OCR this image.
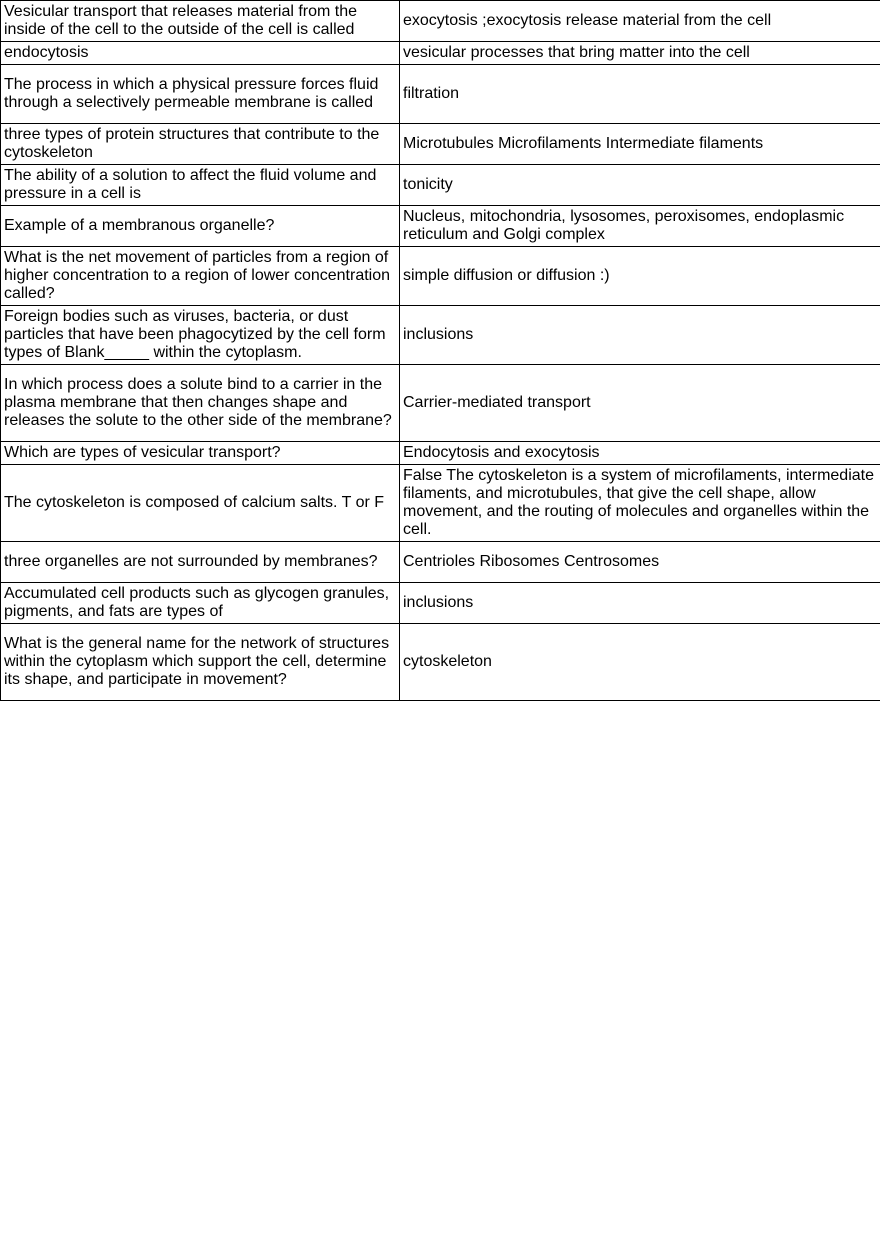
Vesicular transport that releases material from the inside of the cell to the outside of the cell is called	exocytosis ;exocytosis release material from the cell
endocytosis	vesicular processes that bring matter into the cell
The process in which a physical pressure forces fluid through a selectively permeable membrane is called	filtration
three types of protein structures that contribute to the cytoskeleton	Microtubules Microfilaments Intermediate filaments
The ability of a solution to affect the fluid volume and pressure in a cell is	tonicity
Example of a membranous organelle?	Nucleus, mitochondria, lysosomes, peroxisomes, endoplasmic reticulum and Golgi complex
What is the net movement of particles from a region of higher concentration to a region of lower concentration called?	simple diffusion or diffusion :)
Foreign bodies such as viruses, bacteria, or dust particles that have been phagocytized by the cell form types of Blank_____ within the cytoplasm.	inclusions
In which process does a solute bind to a carrier in the plasma membrane that then changes shape and releases the solute to the other side of the membrane?	Carrier-mediated transport
Which are types of vesicular transport?	Endocytosis and exocytosis
The cytoskeleton is composed of calcium salts. T or F	False The cytoskeleton is a system of microfilaments, intermediate filaments, and microtubules, that give the cell shape, allow movement, and the routing of molecules and organelles within the cell.
three organelles are not surrounded by membranes?	Centrioles Ribosomes Centrosomes
Accumulated cell products such as glycogen granules, pigments, and fats are types of	inclusions
What is the general name for the network of structures within the cytoplasm which support the cell, determine its shape, and participate in movement?	cytoskeleton
